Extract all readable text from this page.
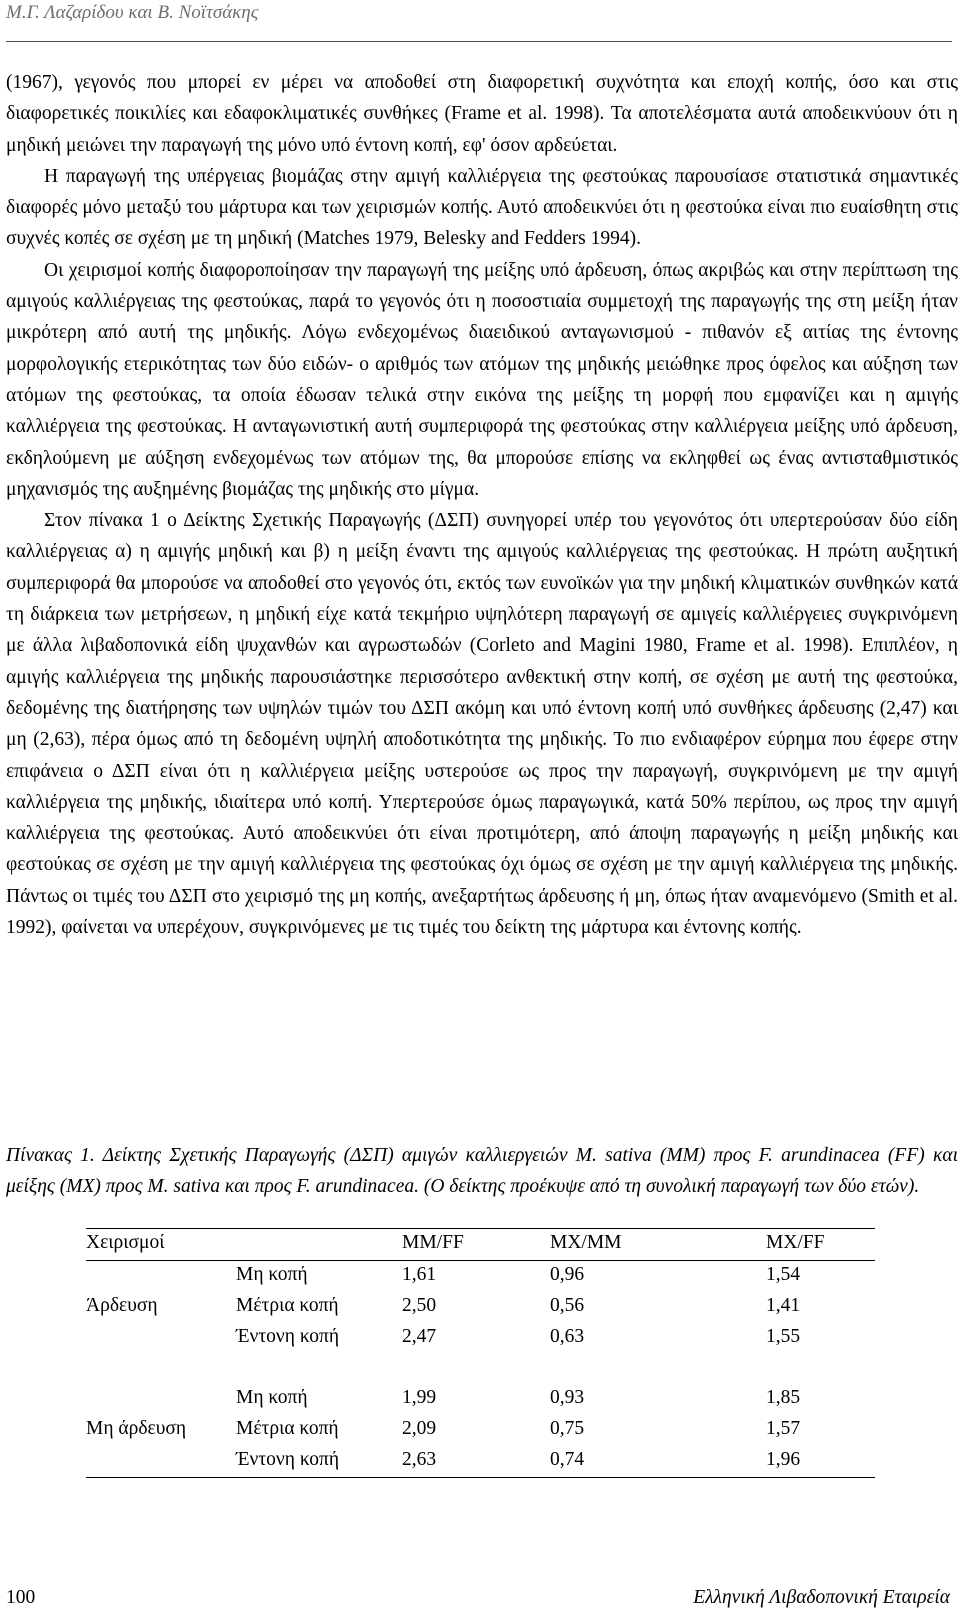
Μ.Γ. Λαζαρίδου και Β. Νοϊτσάκης

(1967), γεγονός που μπορεί εν μέρει να αποδοθεί στη διαφορετική συχνότητα και εποχή κοπής, όσο και στις διαφορετικές ποικιλίες και εδαφοκλιματικές συνθήκες (Frame et al. 1998). Τα αποτελέσματα αυτά αποδεικνύουν ότι η μηδική μειώνει την παραγωγή της μόνο υπό έντονη κοπή, εφ' όσον αρδεύεται.

Η παραγωγή της υπέργειας βιομάζας στην αμιγή καλλιέργεια της φεστούκας παρουσίασε στατιστικά σημαντικές διαφορές μόνο μεταξύ του μάρτυρα και των χειρισμών κοπής. Αυτό αποδεικνύει ότι η φεστούκα είναι πιο ευαίσθητη στις συχνές κοπές σε σχέση με τη μηδική (Matches 1979, Belesky and Fedders 1994).

Οι χειρισμοί κοπής διαφοροποίησαν την παραγωγή της μείξης υπό άρδευση, όπως ακριβώς και στην περίπτωση της αμιγούς καλλιέργειας της φεστούκας, παρά το γεγονός ότι η ποσοστιαία συμμετοχή της παραγωγής της στη μείξη ήταν μικρότερη από αυτή της μηδικής. Λόγω ενδεχομένως διαειδικού ανταγωνισμού - πιθανόν εξ αιτίας της έντονης μορφολογικής ετερικότητας των δύο ειδών- ο αριθμός των ατόμων της μηδικής μειώθηκε προς όφελος και αύξηση των ατόμων της φεστούκας, τα οποία έδωσαν τελικά στην εικόνα της μείξης τη μορφή που εμφανίζει και η αμιγής καλλιέργεια της φεστούκας. Η ανταγωνιστική αυτή συμπεριφορά της φεστούκας στην καλλιέργεια μείξης υπό άρδευση, εκδηλούμενη με αύξηση ενδεχομένως των ατόμων της, θα μπορούσε επίσης να εκληφθεί ως ένας αντισταθμιστικός μηχανισμός της αυξημένης βιομάζας της μηδικής στο μίγμα.

Στον πίνακα 1 ο Δείκτης Σχετικής Παραγωγής (ΔΣΠ) συνηγορεί υπέρ του γεγονότος ότι υπερτερούσαν δύο είδη καλλιέργειας α) η αμιγής μηδική και β) η μείξη έναντι της αμιγούς καλλιέργειας της φεστούκας. Η πρώτη αυξητική συμπεριφορά θα μπορούσε να αποδοθεί στο γεγονός ότι, εκτός των ευνοϊκών για την μηδική κλιματικών συνθηκών κατά τη διάρκεια των μετρήσεων, η μηδική είχε κατά τεκμήριο υψηλότερη παραγωγή σε αμιγείς καλλιέργειες συγκρινόμενη με άλλα λιβαδοπονικά είδη ψυχανθών και αγρωστωδών (Corleto and Magini 1980, Frame et al. 1998). Επιπλέον, η αμιγής καλλιέργεια της μηδικής παρουσιάστηκε περισσότερο ανθεκτική στην κοπή, σε σχέση με αυτή της φεστούκα, δεδομένης της διατήρησης των υψηλών τιμών του ΔΣΠ ακόμη και υπό έντονη κοπή υπό συνθήκες άρδευσης (2,47) και μη (2,63), πέρα όμως από τη δεδομένη υψηλή αποδοτικότητα της μηδικής. Το πιο ενδιαφέρον εύρημα που έφερε στην επιφάνεια ο ΔΣΠ είναι ότι η καλλιέργεια μείξης υστερούσε ως προς την παραγωγή, συγκρινόμενη με την αμιγή καλλιέργεια της μηδικής, ιδιαίτερα υπό κοπή. Υπερτερούσε όμως παραγωγικά, κατά 50% περίπου, ως προς την αμιγή καλλιέργεια της φεστούκας. Αυτό αποδεικνύει ότι είναι προτιμότερη, από άποψη παραγωγής η μείξη μηδικής και φεστούκας σε σχέση με την αμιγή καλλιέργεια της φεστούκας όχι όμως σε σχέση με την αμιγή καλλιέργεια της μηδικής. Πάντως οι τιμές του ΔΣΠ στο χειρισμό της μη κοπής, ανεξαρτήτως άρδευσης ή μη, όπως ήταν αναμενόμενο (Smith et al. 1992), φαίνεται να υπερέχουν, συγκρινόμενες με τις τιμές του δείκτη της μάρτυρα και έντονης κοπής.

Πίνακας 1. Δείκτης Σχετικής Παραγωγής (ΔΣΠ) αμιγών καλλιεργειών M. sativa (ΜΜ) προς F. arundinacea (FF) και μείξης (ΜΧ) προς M. sativa και προς F. arundinacea. (Ο δείκτης προέκυψε από τη συνολική παραγωγή των δύο ετών).
Χειρισμοί	ΜΜ/FF	ΜΧ/ΜΜ	ΜΧ/FF
Άρδευση
Μη κοπή	1,61	0,96	1,54
Μέτρια κοπή	2,50	0,56	1,41
Έντονη κοπή	2,47	0,63	1,55
Μη άρδευση
Μη κοπή	1,99	0,93	1,85
Μέτρια κοπή	2,09	0,75	1,57
Έντονη κοπή	2,63	0,74	1,96
100	Ελληνική Λιβαδοπονική Εταιρεία
